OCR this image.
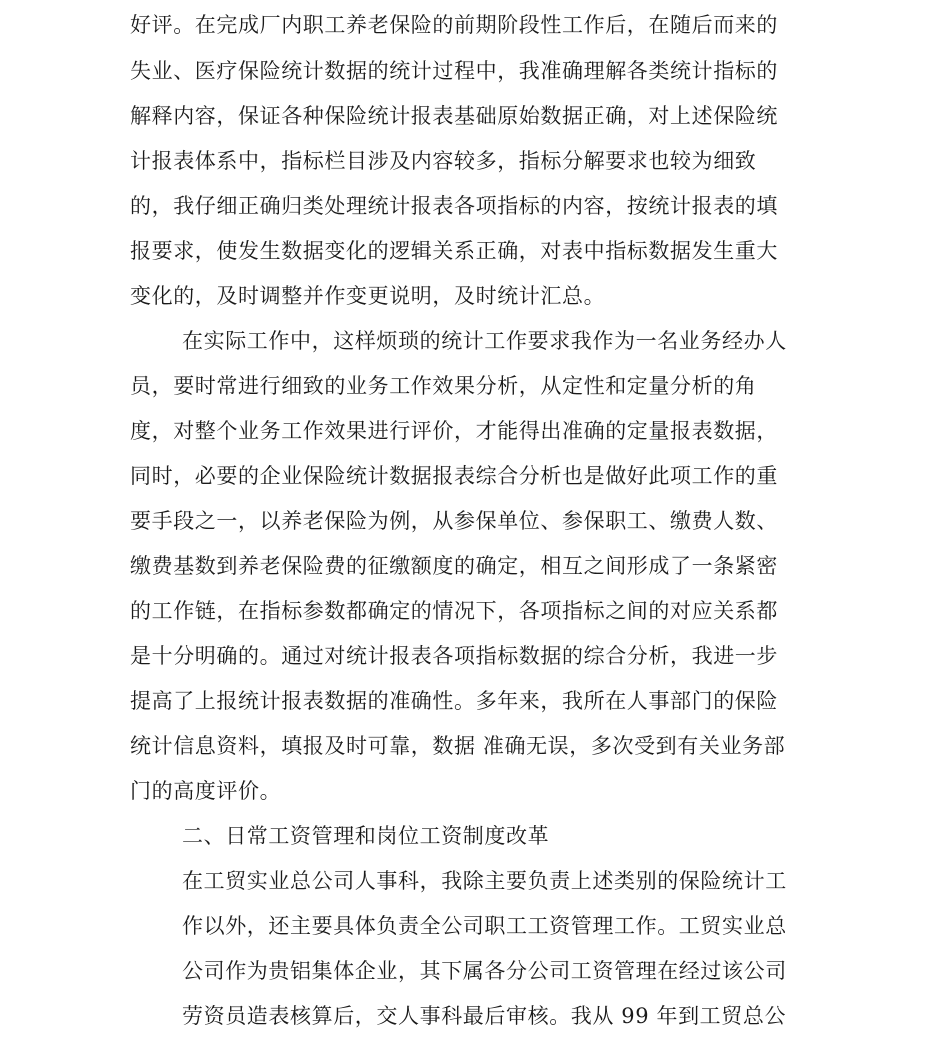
好评。在完成厂内职工养老保险的前期阶段性工作后，在随后而来的
失业、医疗保险统计数据的统计过程中，我准确理解各类统计指标的
解释内容，保证各种保险统计报表基础原始数据正确，对上述保险统
计报表体系中，指标栏目涉及内容较多，指标分解要求也较为细致
的，我仔细正确归类处理统计报表各项指标的内容，按统计报表的填
报要求，使发生数据变化的逻辑关系正确，对表中指标数据发生重大
变化的，及时调整并作变更说明，及时统计汇总。
在实际工作中，这样烦琐的统计工作要求我作为一名业务经办人
员，要时常进行细致的业务工作效果分析，从定性和定量分析的角
度，对整个业务工作效果进行评价，才能得出准确的定量报表数据，
同时，必要的企业保险统计数据报表综合分析也是做好此项工作的重
要手段之一，以养老保险为例，从参保单位、参保职工、缴费人数、
缴费基数到养老保险费的征缴额度的确定，相互之间形成了一条紧密
的工作链，在指标参数都确定的情况下，各项指标之间的对应关系都
是十分明确的。通过对统计报表各项指标数据的综合分析，我进一步
提高了上报统计报表数据的准确性。多年来，我所在人事部门的保险
统计信息资料，填报及时可靠，数据 准确无误，多次受到有关业务部
门的高度评价。
二、日常工资管理和岗位工资制度改革
在工贸实业总公司人事科，我除主要负责上述类别的保险统计工
作以外，还主要具体负责全公司职工工资管理工作。工贸实业总
公司作为贵铝集体企业，其下属各分公司工资管理在经过该公司
劳资员造表核算后，交人事科最后审核。我从 99 年到工贸总公
